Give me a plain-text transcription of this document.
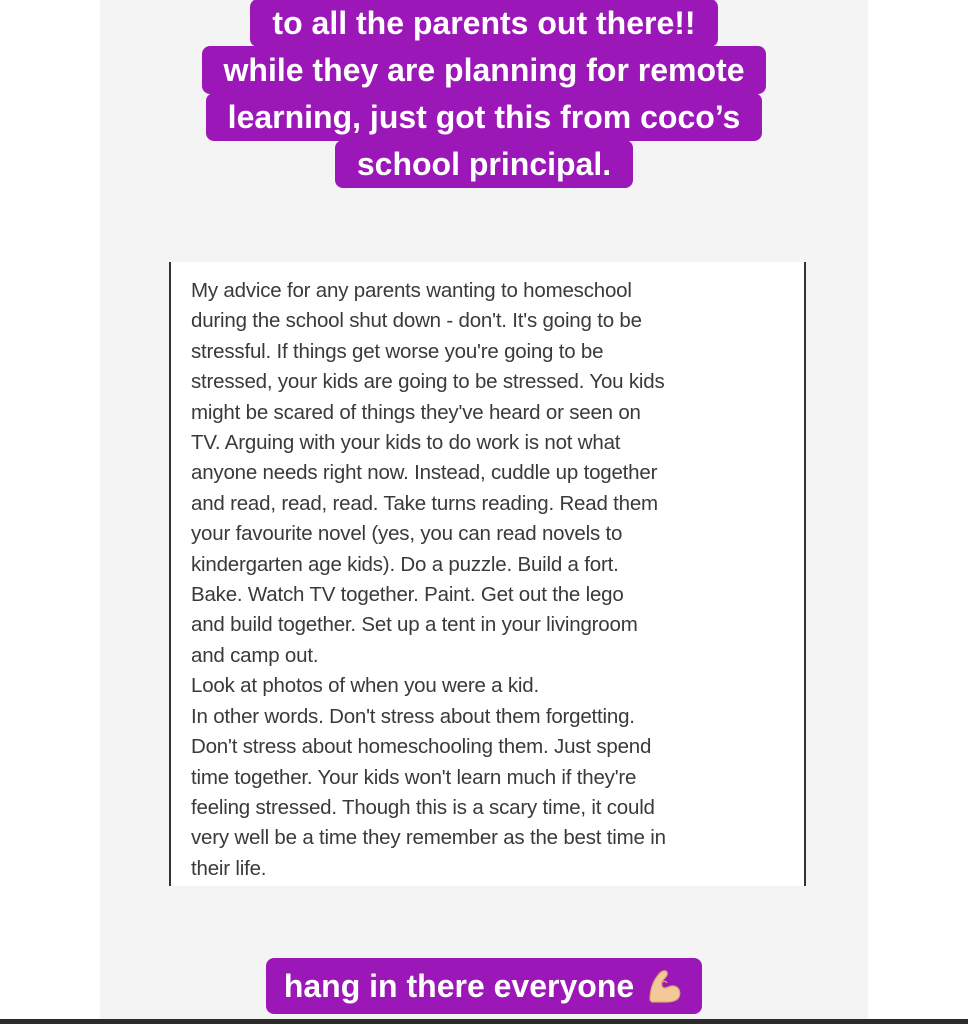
to all the parents out there!!
while they are planning for remote
learning, just got this from coco’s
school principal.
My advice for any parents wanting to homeschool
during the school shut down - don't. It's going to be
stressful. If things get worse you're going to be
stressed, your kids are going to be stressed. You kids
might be scared of things they've heard or seen on
TV. Arguing with your kids to do work is not what
anyone needs right now. Instead, cuddle up together
and read, read, read. Take turns reading. Read them
your favourite novel (yes, you can read novels to
kindergarten age kids). Do a puzzle. Build a fort.
Bake. Watch TV together. Paint. Get out the lego
and build together. Set up a tent in your livingroom
and camp out.
Look at photos of when you were a kid.
In other words. Don't stress about them forgetting.
Don't stress about homeschooling them. Just spend
time together. Your kids won't learn much if they're
feeling stressed. Though this is a scary time, it could
very well be a time they remember as the best time in
their life.
hang in there everyone
